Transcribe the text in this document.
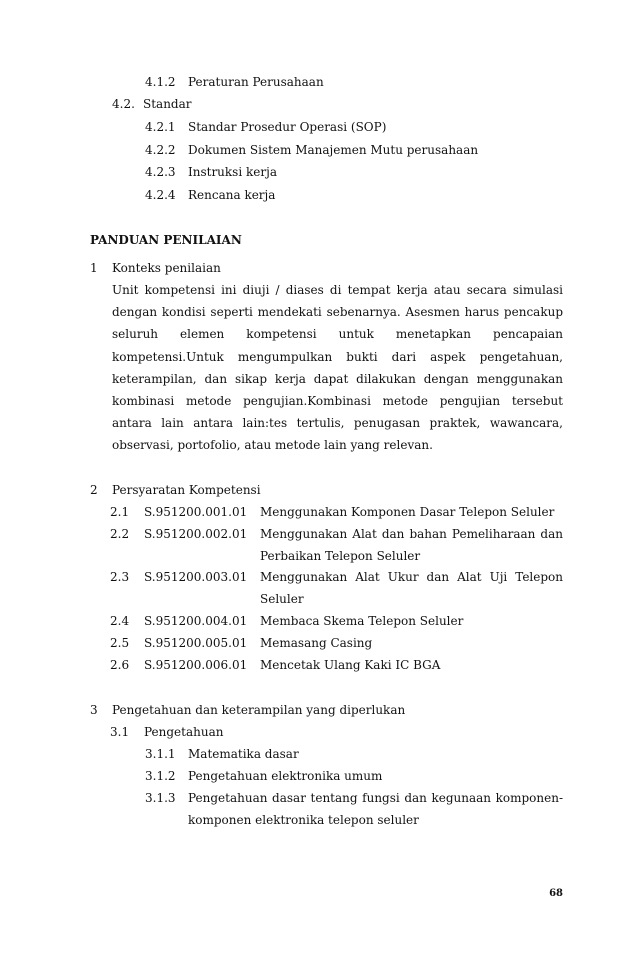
4.1.2 Peraturan Perusahaan
4.2. Standar
4.2.1 Standar Prosedur Operasi (SOP)
4.2.2 Dokumen Sistem Manajemen Mutu perusahaan
4.2.3 Instruksi kerja
4.2.4 Rencana kerja
PANDUAN PENILAIAN
1 Konteks penilaian
Unit kompetensi ini diuji / diases di tempat kerja atau secara simulasi dengan kondisi seperti mendekati sebenarnya. Asesmen harus pencakup seluruh elemen kompetensi untuk menetapkan pencapaian kompetensi.Untuk mengumpulkan bukti dari aspek pengetahuan, keterampilan, dan sikap kerja dapat dilakukan dengan menggunakan kombinasi metode pengujian.Kombinasi metode pengujian tersebut antara lain antara lain:tes tertulis, penugasan praktek, wawancara, observasi, portofolio, atau metode lain yang relevan.
2 Persyaratan Kompetensi
2.1 S.951200.001.01 Menggunakan Komponen Dasar Telepon Seluler
2.2 S.951200.002.01 Menggunakan Alat dan bahan Pemeliharaan dan Perbaikan Telepon Seluler
2.3 S.951200.003.01 Menggunakan Alat Ukur dan Alat Uji Telepon Seluler
2.4 S.951200.004.01 Membaca Skema Telepon Seluler
2.5 S.951200.005.01 Memasang Casing
2.6 S.951200.006.01 Mencetak Ulang Kaki IC BGA
3 Pengetahuan dan keterampilan yang diperlukan
3.1 Pengetahuan
3.1.1 Matematika dasar
3.1.2 Pengetahuan elektronika umum
3.1.3 Pengetahuan dasar tentang fungsi dan kegunaan komponen-
komponen elektronika telepon seluler
68
